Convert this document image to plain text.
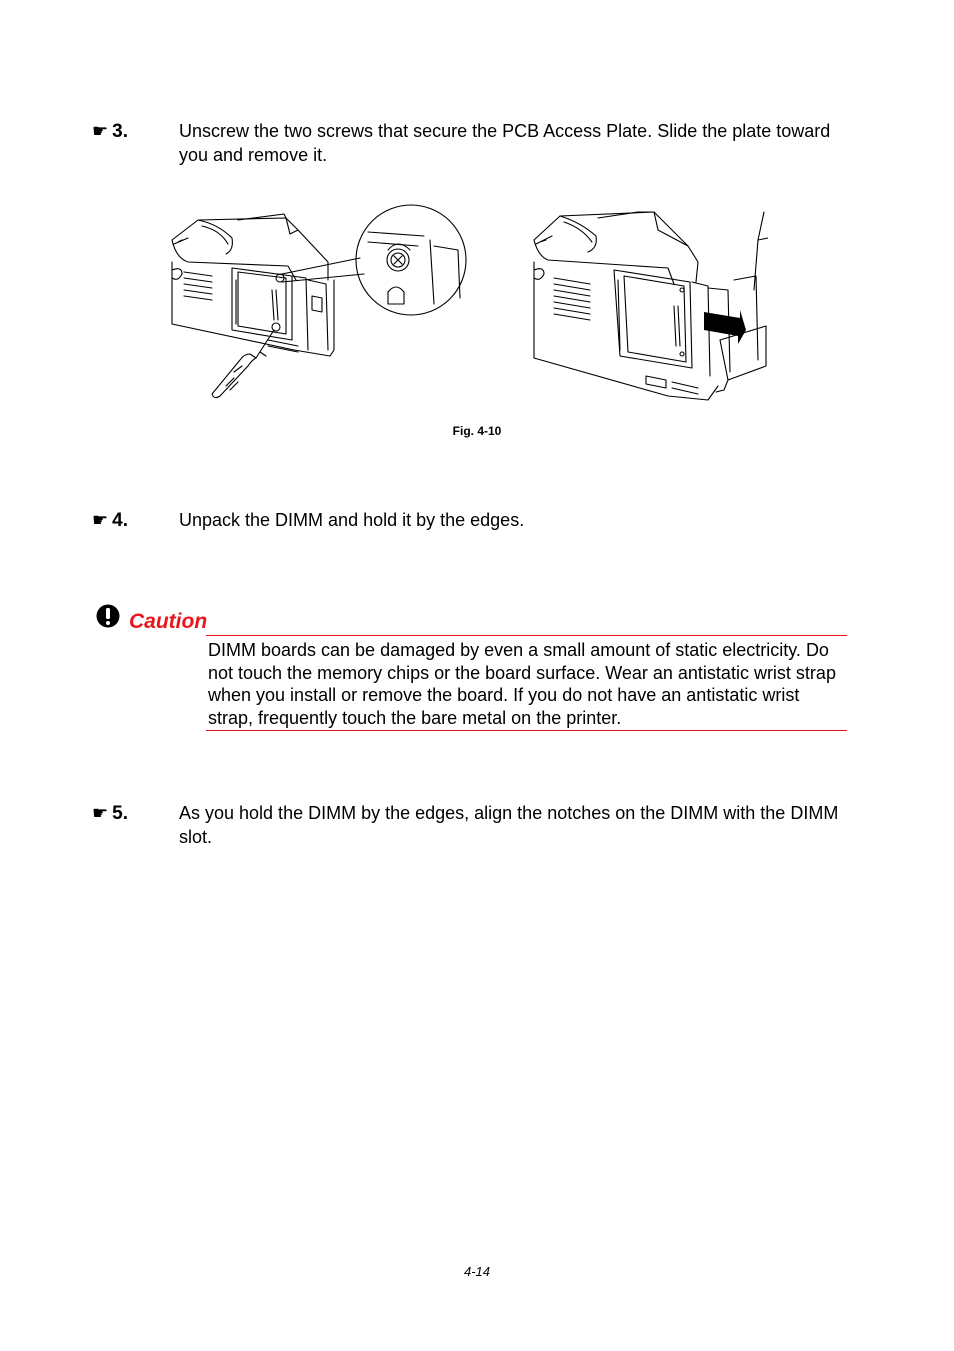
☛ 3.	Unscrew the two screws that secure the PCB Access Plate. Slide the plate toward you and remove it.
Fig. 4-10
☛ 4.	Unpack the DIMM and hold it by the edges.
Caution
DIMM boards can be damaged by even a small amount of static electricity. Do not touch the memory chips or the board surface. Wear an antistatic wrist strap when you install or remove the board. If you do not have an antistatic wrist strap, frequently touch the bare metal on the printer.
☛ 5.	As you hold the DIMM by the edges, align the notches on the DIMM with the DIMM slot.
4-14
